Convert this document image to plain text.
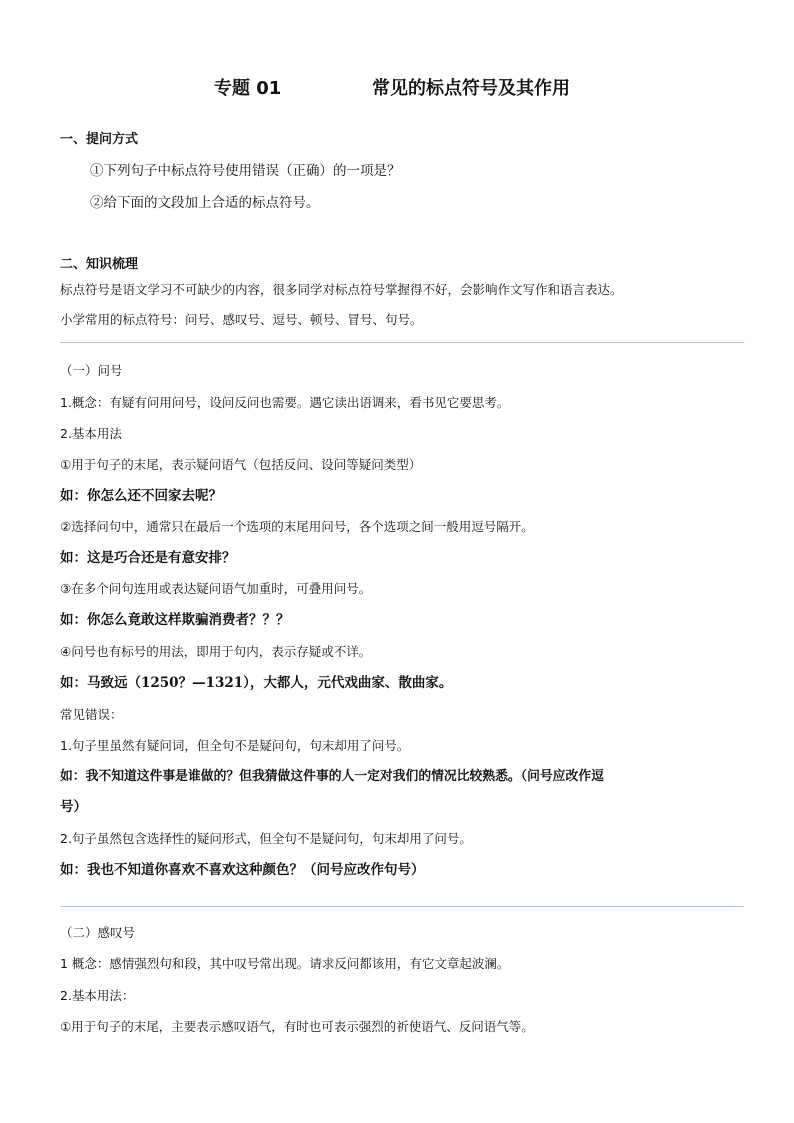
专题 01	常见的标点符号及其作用
一、提问方式
①下列句子中标点符号使用错误（正确）的一项是？
②给下面的文段加上合适的标点符号。
二、知识梳理
标点符号是语文学习不可缺少的内容，很多同学对标点符号掌握得不好，会影响作文写作和语言表达。
小学常用的标点符号：问号、感叹号、逗号、顿号、冒号、句号。
（一）问号
1.概念：有疑有问用问号，设问反问也需要。遇它读出语调来，看书见它要思考。
2.基本用法
①用于句子的末尾，表示疑问语气（包括反问、设问等疑问类型）
如：你怎么还不回家去呢？
②选择问句中，通常只在最后一个选项的末尾用问号，各个选项之间一般用逗号隔开。
如：这是巧合还是有意安排？
③在多个问句连用或表达疑问语气加重时，可叠用问号。
如：你怎么竟敢这样欺骗消费者？？？
④问号也有标号的用法，即用于句内，表示存疑或不详。
如：马致远（1250？—1321），大都人，元代戏曲家、散曲家。
常见错误：
1.句子里虽然有疑问词，但全句不是疑问句，句末却用了问号。
如：我不知道这件事是谁做的？但我猜做这件事的人一定对我们的情况比较熟悉。（问号应改作逗
号）
2.句子虽然包含选择性的疑问形式，但全句不是疑问句，句末却用了问号。
如：我也不知道你喜欢不喜欢这种颜色？（问号应改作句号）
（二）感叹号
1 概念：感情强烈句和段，其中叹号常出现。请求反问都该用，有它文章起波澜。
2.基本用法：
①用于句子的末尾，主要表示感叹语气，有时也可表示强烈的祈使语气、反问语气等。
